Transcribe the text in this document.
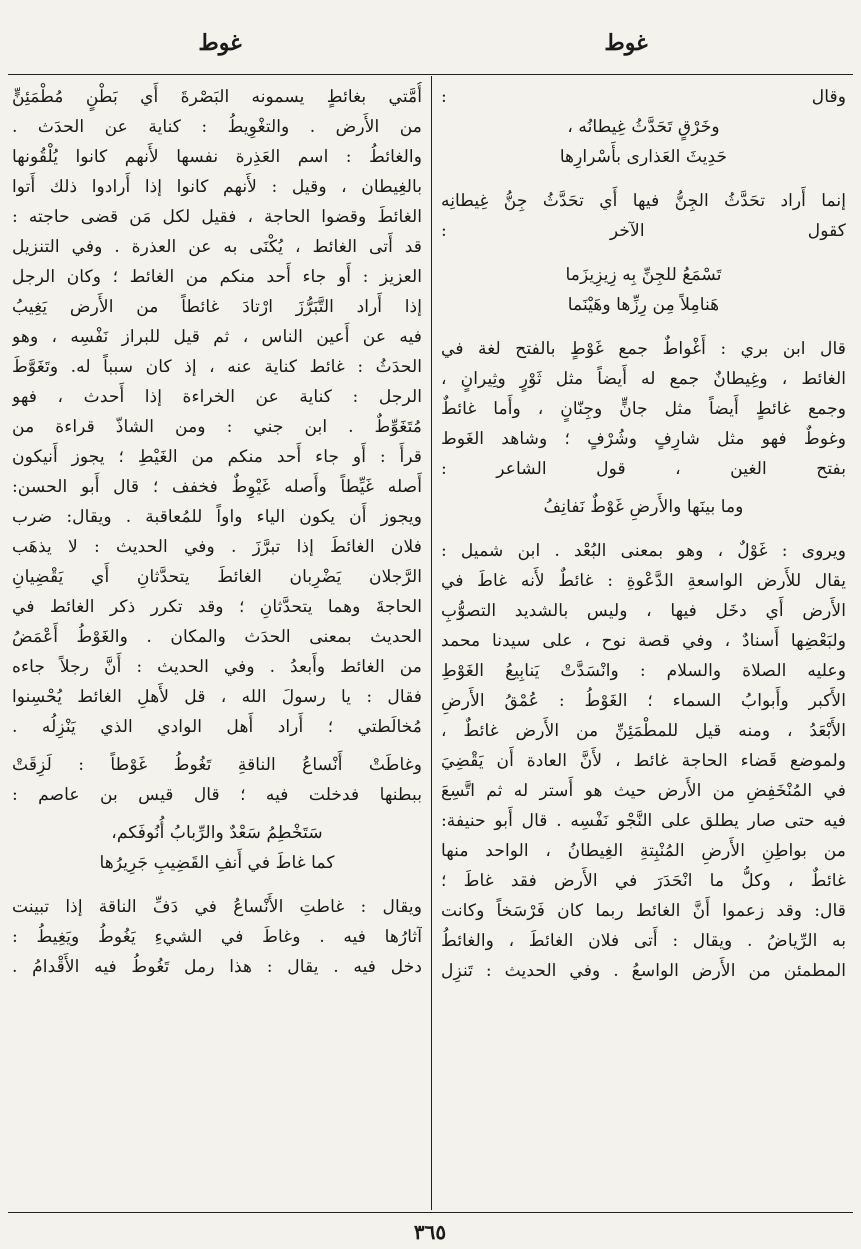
غوط
غوط
وقال :
وخَرْقٍ تَحَدَّثُ غِيطانُه ،
حَدِيثَ العَذارى بأَسْرارِها
إنما أَراد تحَدَّثُ الجِنُّ فيها أَي تحَدَّثُ جِنُّ غِيطانِه
كقول الآخر :
تَسْمَعُ للجِنِّ بِه زِيزِيزَما
هَنامِلاً مِن رِزِّها وهَيْنَما
قال ابن بري : أَغْواطٌ جمع غَوْطٍ بالفتح لغة في
الغائط ، وغِيطانٌ جمع له أَيضاً مثل ثَوْرٍ وثِيرانٍ ،
وجمع غائطٍ أَيضاً مثل جانٍّ وجِنّانٍ ، وأَما غائطٌ
وغوطٌ فهو مثل شارِفٍ وشُرْفٍ ؛ وشاهد الغَوط
بفتح الغين ، قول الشاعر :
وما بينَها والأَرضِ غَوْطٌ نَفانِفُ
ويروى : غَوْلٌ ، وهو بمعنى البُعْد . ابن شميل :
يقال للأَرض الواسعةِ الدَّعْوةِ : غائطٌ لأَنه غاطَ في
الأَرض أَي دخَل فيها ، وليس بالشديد التصوُّبِ
ولبَعْضِها أَسنادٌ ، وفي قصة نوح ، على سيدنا محمد
وعليه الصلاة والسلام : وانْسَدَّتْ يَنابِيعُ الغَوْطِ
الأَكبر وأَبوابُ السماء ؛ الغَوْطُ : عُمْقُ الأَرضِ
الأَبْعَدُ ، ومنه قيل للمطْمَئِنِّ من الأَرض غائطٌ ،
ولموضع قَضاء الحاجة غائط ، لأَنَّ العادة أَن يَقْضِيَ
في المُنْخَفِضِ من الأَرض حيث هو أَستر له ثم اتَّسِعَ
فيه حتى صار يطلق على النَّجْو نَفْسِه . قال أَبو حنيفة:
من بواطِنِ الأَرضِ المُنْبِتةِ الغِيطانُ ، الواحد منها
غائطٌ ، وكلُّ ما انْحَدَرَ في الأَرض فقد غاطَ ؛
قال: وقد زعموا أَنَّ الغائط ربما كان فَرْسَخاً وكانت
به الرِّياضُ . ويقال : أَتى فلان الغائطَ ، والغائطُ
المطمئن من الأَرض الواسعُ . وفي الحديث : تَنزِل
أُمَّتي بغائطٍ يسمونه البَصْرةَ أَي بَطْنٍ مُطْمَئِنٍّ
من الأَرض . والتغْوِيطُ : كناية عن الحدَث .
والغائطُ : اسم العَذِرة نفسها لأَنهم كانوا يُلْقُونها
بالغِيطان ، وقيل : لأَنهم كانوا إذا أَرادوا ذلك أَتوا
الغائطَ وقضوا الحاجة ، فقيل لكل مَن قضى حاجته :
قد أَتى الغائط ، يُكْنَى به عن العذرة . وفي التنزيل
العزيز : أَو جاء أَحد منكم من الغائط ؛ وكان الرجل
إذا أَراد التَّبَرُّزَ ارْتادَ غائطاً من الأَرض يَغِيبُ
فيه عن أَعين الناس ، ثم قيل للبراز نَفْسِه ، وهو
الحدَثُ : غائط كناية عنه ، إذ كان سبباً له. وتَغَوَّطَ
الرجل : كناية عن الخراءة إذا أَحدث ، فهو
مُتَغَوِّطٌ . ابن جني : ومن الشاذّ قراءة من
قرأَ : أَو جاء أَحد منكم من الغَيْطِ ؛ يجوز أَنيكون
أَصله غَيِّطاً وأَصله غَيْوِطٌ فخفف ؛ قال أَبو الحسن:
ويجوز أَن يكون الياء واواً للمُعاقبة . ويقال: ضرب
فلان الغائطَ إذا تبرَّزَ . وفي الحديث : لا يذهَب
الرَّجلان يَضْرِبان الغائطَ يتحدَّثانِ أَي يَقْضِيانِ
الحاجةَ وهما يتحدَّثانِ ؛ وقد تكرر ذكر الغائط في
الحديث بمعنى الحدَث والمكان . والغَوْطُ أَعْمَضُ
من الغائط وأَبعدُ . وفي الحديث : أَنَّ رجلاً جاءه
فقال : يا رسولَ الله ، قل لأَهلِ الغائط يُحْسِنوا
مُخالَطتي ؛ أَراد أَهل الوادي الذي يَنْزِلُه .
وغاطَتْ أَنْساعُ الناقةِ تَغُوطُ غَوْطاً : لَزِقَتْ
ببطنها فدخلت فيه ؛ قال قيس بن عاصم :
سَتَخْطِمُ سَعْدٌ والرِّبابُ أُنُوفَكم،
كما غاطَ في أَنفِ القَضِيبِ جَرِيرُها
ويقال : غاطتِ الأَنْساعُ في دَفِّ الناقة إذا تبينت
آثارُها فيه . وغاطَ في الشيءِ يَغُوطُ ويَغِيطُ :
دخل فيه . يقال : هذا رمل تَغُوطُ فيه الأَقْدامُ .
٣٦٥
